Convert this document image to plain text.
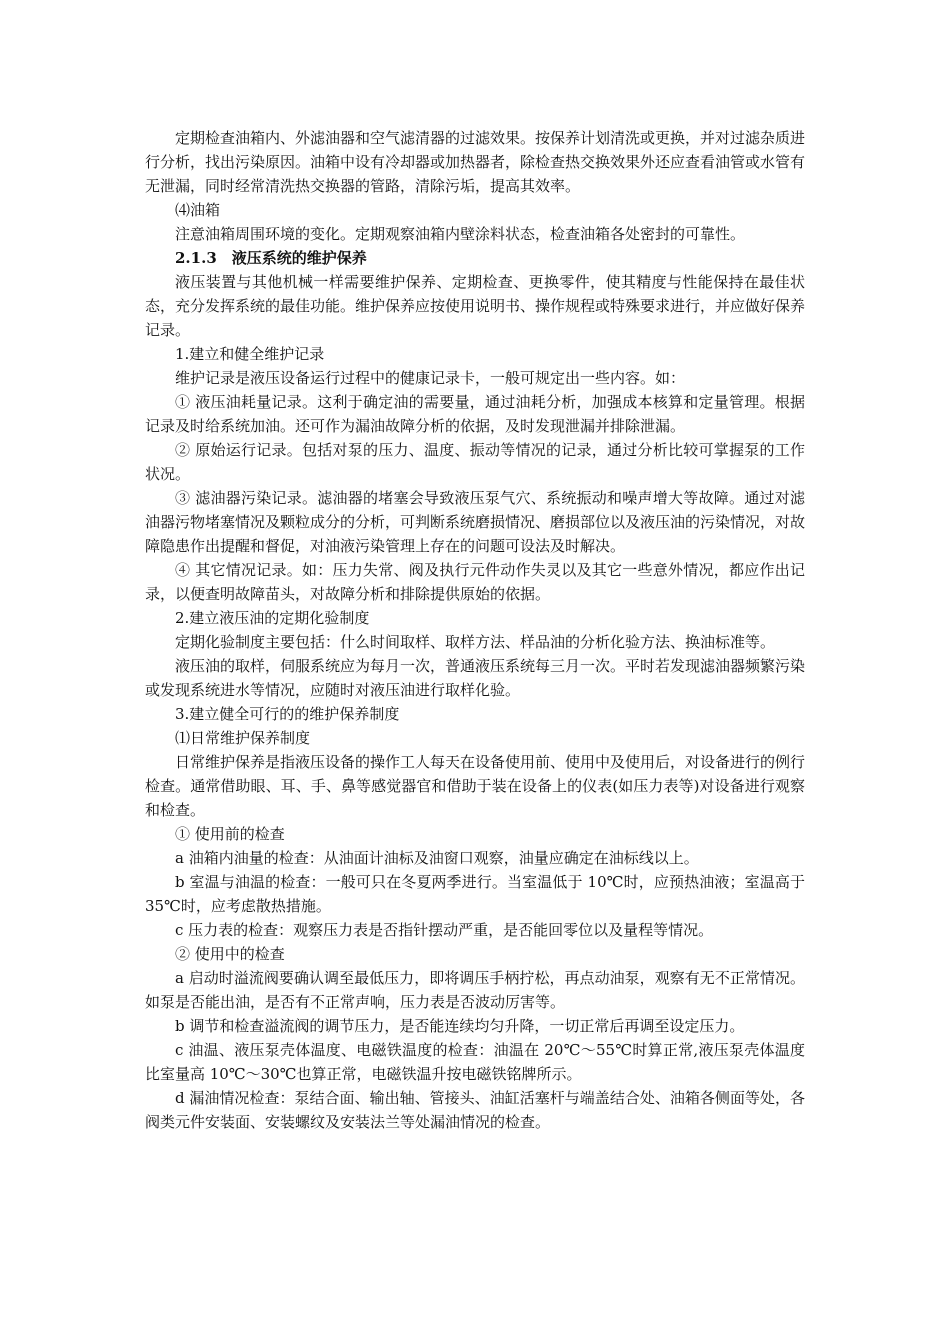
定期检查油箱内、外滤油器和空气滤清器的过滤效果。按保养计划清洗或更换，并对过滤杂质进行分析，找出污染原因。油箱中设有冷却器或加热器者，除检查热交换效果外还应查看油管或水管有无泄漏，同时经常清洗热交换器的管路，清除污垢，提高其效率。

⑷油箱

注意油箱周围环境的变化。定期观察油箱内壁涂料状态，检查油箱各处密封的可靠性。

2.1.3　液压系统的维护保养

液压装置与其他机械一样需要维护保养、定期检查、更换零件，使其精度与性能保持在最佳状态，充分发挥系统的最佳功能。维护保养应按使用说明书、操作规程或特殊要求进行，并应做好保养记录。

1.建立和健全维护记录

维护记录是液压设备运行过程中的健康记录卡，一般可规定出一些内容。如：

① 液压油耗量记录。这利于确定油的需要量，通过油耗分析，加强成本核算和定量管理。根据记录及时给系统加油。还可作为漏油故障分析的依据，及时发现泄漏并排除泄漏。

② 原始运行记录。包括对泵的压力、温度、振动等情况的记录，通过分析比较可掌握泵的工作状况。

③ 滤油器污染记录。滤油器的堵塞会导致液压泵气穴、系统振动和噪声增大等故障。通过对滤油器污物堵塞情况及颗粒成分的分析，可判断系统磨损情况、磨损部位以及液压油的污染情况，对故障隐患作出提醒和督促，对油液污染管理上存在的问题可设法及时解决。

④ 其它情况记录。如：压力失常、阀及执行元件动作失灵以及其它一些意外情况，都应作出记录，以便查明故障苗头，对故障分析和排除提供原始的依据。

2.建立液压油的定期化验制度

定期化验制度主要包括：什么时间取样、取样方法、样品油的分析化验方法、换油标准等。

液压油的取样，伺服系统应为每月一次，普通液压系统每三月一次。平时若发现滤油器频繁污染或发现系统进水等情况，应随时对液压油进行取样化验。

3.建立健全可行的的维护保养制度

⑴日常维护保养制度

日常维护保养是指液压设备的操作工人每天在设备使用前、使用中及使用后，对设备进行的例行检查。通常借助眼、耳、手、鼻等感觉器官和借助于装在设备上的仪表(如压力表等)对设备进行观察和检查。

① 使用前的检查

a 油箱内油量的检查：从油面计油标及油窗口观察，油量应确定在油标线以上。

b 室温与油温的检查：一般可只在冬夏两季进行。当室温低于 10℃时，应预热油液；室温高于 35℃时，应考虑散热措施。

c 压力表的检查：观察压力表是否指针摆动严重，是否能回零位以及量程等情况。

② 使用中的检查

a 启动时溢流阀要确认调至最低压力，即将调压手柄拧松，再点动油泵，观察有无不正常情况。如泵是否能出油，是否有不正常声响，压力表是否波动厉害等。

b 调节和检查溢流阀的调节压力，是否能连续均匀升降，一切正常后再调至设定压力。

c 油温、液压泵壳体温度、电磁铁温度的检查：油温在 20℃～55℃时算正常,液压泵壳体温度比室量高 10℃～30℃也算正常，电磁铁温升按电磁铁铭牌所示。

d 漏油情况检查：泵结合面、输出轴、管接头、油缸活塞杆与端盖结合处、油箱各侧面等处，各阀类元件安装面、安装螺纹及安装法兰等处漏油情况的检查。
